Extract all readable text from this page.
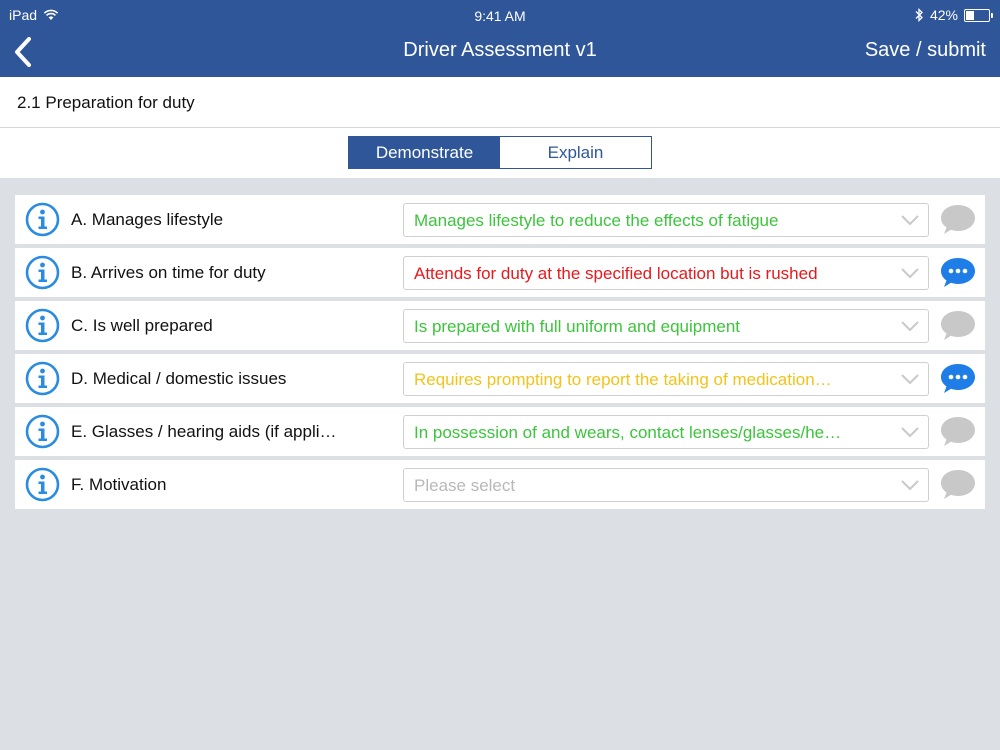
iPad	9:41 AM	42%
Driver Assessment v1	Save / submit
2.1 Preparation for duty
Demonstrate	Explain
A. Manages lifestyle	Manages lifestyle to reduce the effects of fatigue
B. Arrives on time for duty	Attends for duty at the specified location but is rushed
C. Is well prepared	Is prepared with full uniform and equipment
D. Medical / domestic issues	Requires prompting to report the taking of medication…
E. Glasses / hearing aids (if appli…	In possession of and wears, contact lenses/glasses/he…
F. Motivation	Please select
